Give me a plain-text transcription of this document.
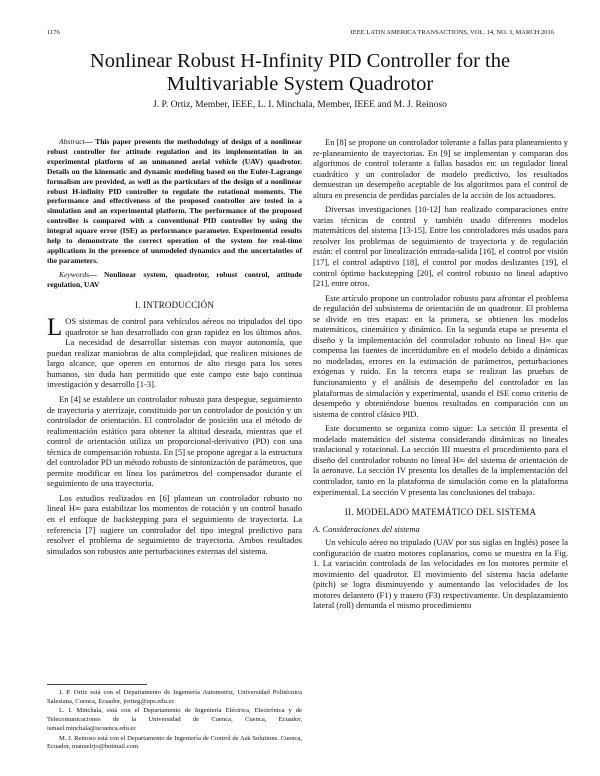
1176	IEEE LATIN AMERICA TRANSACTIONS, VOL. 14, NO. 3, MARCH 2016
Nonlinear Robust H-Infinity PID Controller for the Multivariable System Quadrotor
J. P. Ortiz, Member, IEEE, L. I. Minchala, Member, IEEE and M. J. Reinoso

Abstract— This paper presents the methodology of design of a nonlinear robust controller for attitude regulation and its implementation in an experimental platform of an unmanned aerial vehicle (UAV) quadrotor. Details on the kinematic and dynamic modeling based on the Euler-Lagrange formalism are provided, as well as the particulars of the design of a nonlinear robust H-infinity PID controller to regulate the rotational moments. The performance and effectiveness of the proposed controller are tested in a simulation and an experimental platform. The performance of the proposed controller is compared with a conventional PID controller by using the integral square error (ISE) as performance parameter. Experimental results help to demonstrate the correct operation of the system for real-time applications in the presence of unmodeled dynamics and the uncertainties of the parameters.

Keywords— Nonlinear system, quadrotor, robust control, attitude regulation, UAV

I. INTRODUCCIÓN

LOS sistemas de control para vehículos aéreos no tripulados del tipo quadrotor se han desarrollado con gran rapidez en los últimos años. La necesidad de desarrollar sistemas con mayor autonomía, que puedan realizar maniobras de alta complejidad, que realicen misiones de largo alcance, que operen en entornos de alto riesgo para los seres humanos, sin duda han permitido que este campo este bajo continua investigación y desarrollo [1-3].

En [4] se establece un controlador robusto para despegue, seguimiento de trayectoria y aterrizaje, constituido por un controlador de posición y un controlador de orientación. El controlador de posición usa el método de realimentación estático para obtener la altitud deseada, mientras que el control de orientación utiliza un proporcional-derivativo (PD) con una técnica de compensación robusta. En [5] se propone agregar a la estructura del controlador PD un método robusto de sintonización de parámetros, que permite modificar en línea los parámetros del compensador durante el seguimiento de una trayectoria.

Los estudios realizados en [6] plantean un controlador robusto no lineal H∞ para estabilizar los momentos de rotación y un control basado en el enfoque de backstepping para el seguimiento de trayectoria. La referencia [7] sugiere un controlador del tipo integral predictivo para resolver el problema de seguimiento de trayectoria. Ambos resultados simulados son robustos ante perturbaciones externas del sistema.

J. P. Ortiz está con el Departamento de Ingeniería Automotriz, Universidad Politécnica Salesiana, Cuenca, Ecuador, jortizg@ups.edu.ec

L. I. Minchala, está con el Departamento de Ingeniería Eléctrica, Electrónica y de Telecomunicaciones de la Universidad de Cuenca, Cuenca, Ecuador, ismael.minchala@ucuenca.edu.ec

M. J. Reinoso está con el Departamento de Ingeniería de Control de Ask Solutions. Cuenca, Ecuador, manuelrjo@hotmail.com.

En [8] se propone un controlador tolerante a fallas para planeamiento y re-planeamiento de trayectorias. En [9] se implementan y comparan dos algoritmos de control tolerante a fallas basados en: un regulador lineal cuadrático y un controlador de modelo predictivo, los resultados demuestran un desempeño aceptable de los algoritmos para el control de altura en presencia de perdidas parciales de la acción de los actuadores.

Diversas investigaciones [10-12] han realizado comparaciones entre varias técnicas de control y también usado diferentes modelos matemáticos del sistema [13-15]. Entre los controladores más usados para resolver los problemas de seguimiento de trayectoria y de regulación están: el control por linealización entrada-salida [16], el control por visión [17], el control adaptivo [18], el control por modos deslizantes [19], el control óptimo backstepping [20], el control robusto no lineal adaptivo [21], entre otros.

Este artículo propone un controlador robusto para afrontar el problema de regulación del subsistema de orientación de un quadrotor. El problema se divide en tres etapas: en la primera, se obtienen los modelos matemáticos, cinemático y dinámico. En la segunda etapa se presenta el diseño y la implementación del controlador robusto no lineal H∞ que compensa las fuentes de incertidumbre en el modelo debido a dinámicas no modeladas, errores en la estimación de parámetros, perturbaciones exógenas y ruido. En la tercera etapa se realizan las pruebas de funcionamiento y el análisis de desempeño del controlador en las plataformas de simulación y experimental, usando el ISE como criterio de desempeño y obteniéndose buenos resultados en comparación con un sistema de control clásico PID.

Este documento se organiza como sigue: La sección II presenta el modelado matemático del sistema considerando dinámicas no lineales traslacional y rotacional. La sección III muestra el procedimiento para el diseño del controlador robusto no lineal H∞ del sistema de orientación de la aeronave. La sección IV presenta los detalles de la implementación del controlador, tanto en la plataforma de simulación como en la plataforma experimental. La sección V presenta las conclusiones del trabajo.

II. MODELADO MATEMÁTICO DEL SISTEMA
A. Consideraciones del sistema

Un vehículo aéreo no tripulado (UAV por sus siglas en Inglés) posee la configuración de cuatro motores coplanarios, como se muestra en la Fig. 1. La variación controlada de las velocidades en los motores permite el movimiento del quadrotor. El movimiento del sistema hacia adelante (pitch) se logra disminuyendo y aumentando las velocidades de los motores delantero (F1) y trasero (F3) respectivamente. Un desplazamiento lateral (roll) demanda el mismo procedimiento
